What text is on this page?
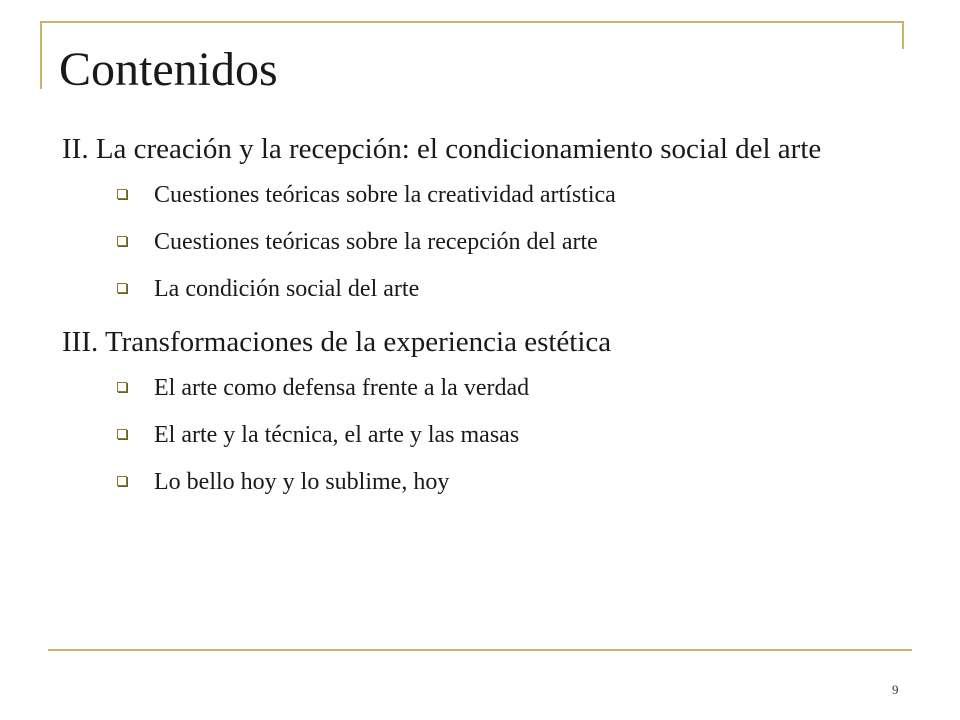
Contenidos

II. La creación y la recepción: el condicionamiento social del arte

Cuestiones teóricas sobre la creatividad artística
Cuestiones teóricas sobre la recepción del arte
La condición social del arte

III. Transformaciones de la experiencia estética

El arte como defensa frente a la verdad
El arte y la técnica, el arte y las masas
Lo bello hoy y lo sublime, hoy
9
